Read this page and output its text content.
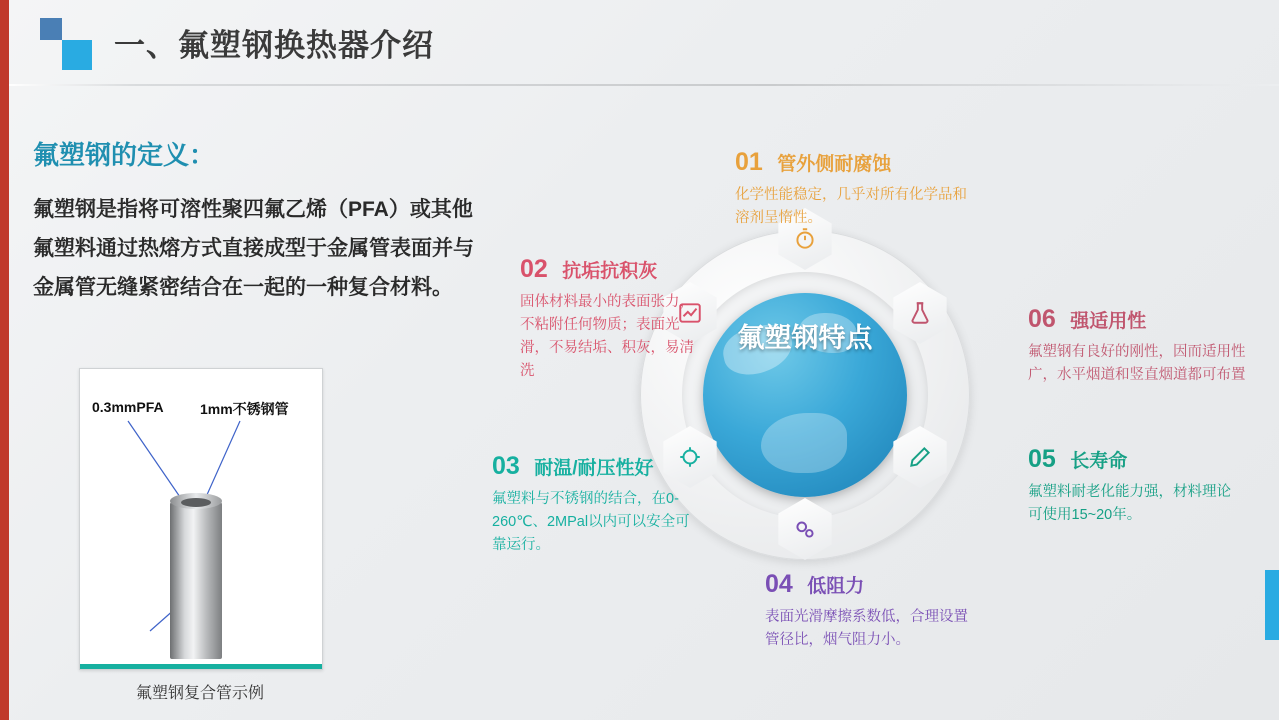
一、氟塑钢换热器介绍
氟塑钢的定义：
氟塑钢是指将可溶性聚四氟乙烯（PFA）或其他氟塑料通过热熔方式直接成型于金属管表面并与金属管无缝紧密结合在一起的一种复合材料。
0.3mmPFA	1mm不锈钢管
氟塑钢复合管示例
氟塑钢特点
01 管外侧耐腐蚀
化学性能稳定，几乎对所有化学品和溶剂呈惰性。
02 抗垢抗积灰
固体材料最小的表面张力，不粘附任何物质；表面光滑，不易结垢、积灰，易清洗
03 耐温/耐压性好
氟塑料与不锈钢的结合，在0-260℃、2MPal以内可以安全可靠运行。
04 低阻力
表面光滑摩擦系数低，合理设置管径比，烟气阻力小。
05 长寿命
氟塑料耐老化能力强，材料理论可使用15~20年。
06 强适用性
氟塑钢有良好的刚性，因而适用性广，水平烟道和竖直烟道都可布置
